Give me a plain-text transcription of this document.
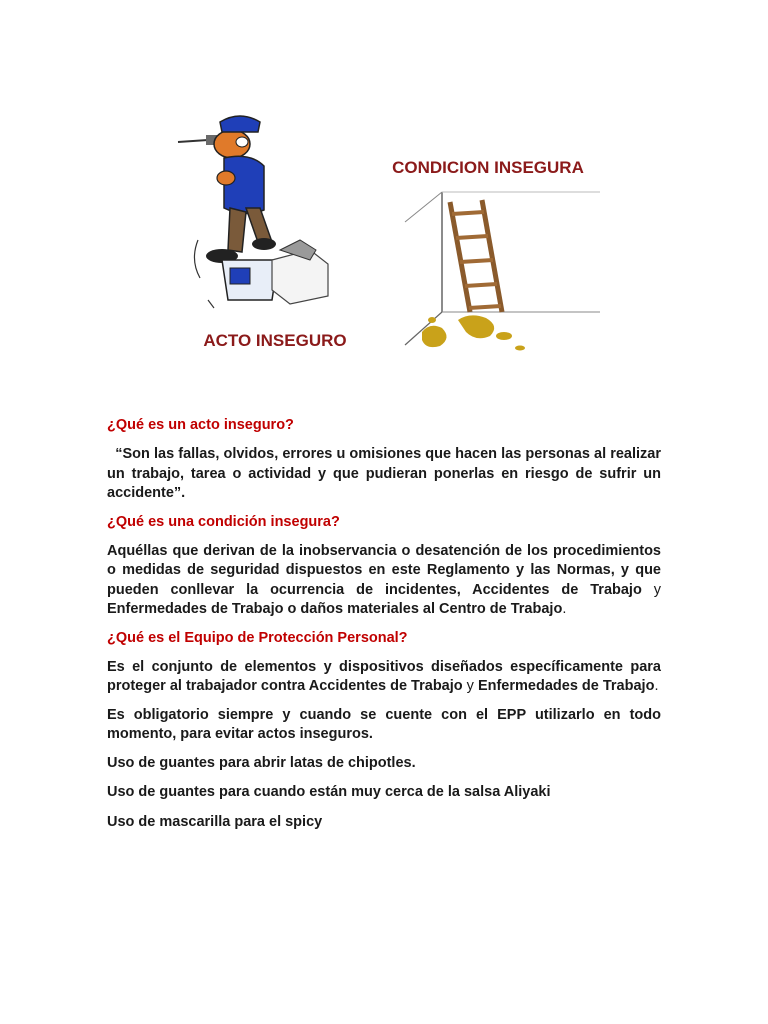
ACTO INSEGURO
CONDICION INSEGURA

¿Qué es un acto inseguro?

“Son las fallas, olvidos, errores u omisiones que hacen las personas al realizar un trabajo, tarea o actividad y que pudieran ponerlas en riesgo de sufrir un accidente”.

¿Qué es una condición insegura?

Aquéllas que derivan de la inobservancia o desatención de los procedimientos o medidas de seguridad dispuestos en este Reglamento y las Normas, y que pueden conllevar la ocurrencia de incidentes, Accidentes de Trabajo y Enfermedades de Trabajo o daños materiales al Centro de Trabajo.

¿Qué es el Equipo de Protección Personal?

Es el conjunto de elementos y dispositivos diseñados específicamente para proteger al trabajador contra Accidentes de Trabajo y Enfermedades de Trabajo.

Es obligatorio siempre y cuando se cuente con el EPP utilizarlo en todo momento, para evitar actos inseguros.

Uso de guantes para abrir latas de chipotles.

Uso de guantes para cuando están muy cerca de la salsa Aliyaki

Uso de mascarilla para el spicy
